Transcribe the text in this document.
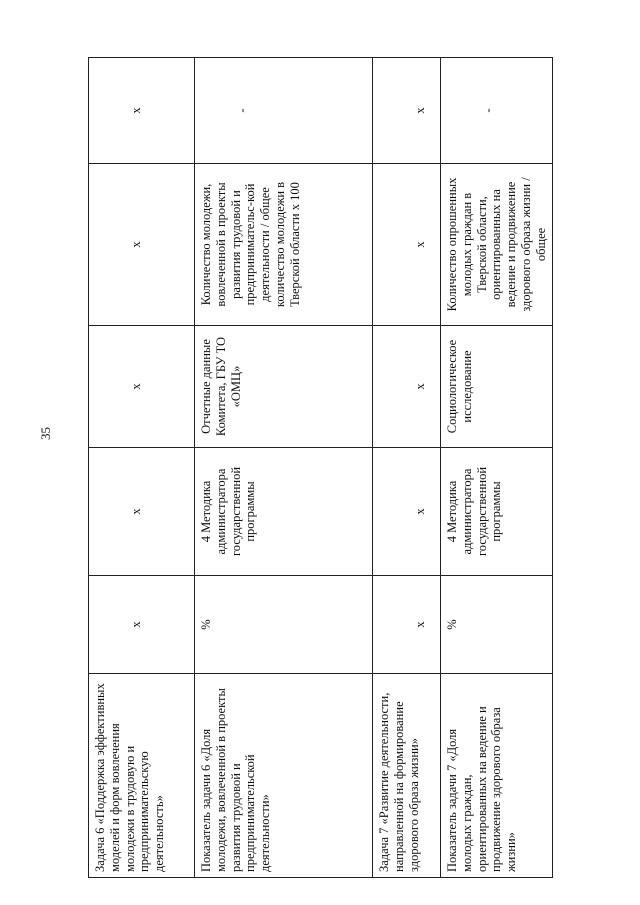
35
Задача 6 «Поддержка эффективных моделей и форм вовлечения молодежи в трудовую и предпринимательскую деятельность»	х	х	х	х	х
Показатель задачи 6 «Доля молодежи, вовлеченной в проекты развития трудовой и предпринимательской деятельности»	%	4 Методика администратора государственной программы	Отчетные данные Комитета, ГБУ ТО «ОМЦ»	Количество молодежи, вовлеченной в проекты развития трудовой и предпринимательс-кой деятельности / общее количество молодежи в Тверской области х 100	-
Задача 7 «Развитие деятельности, направленной на формирование здорового образа жизни»	х	х	х	х	х
Показатель задачи 7 «Доля молодых граждан, ориентированных на ведение и продвижение здорового образа жизни»	%	4 Методика администратора государственной программы	Социологическое исследование	Количество опрошенных молодых граждан в Тверской области, ориентированных на ведение и продвижение здорового образа жизни / общее	-
